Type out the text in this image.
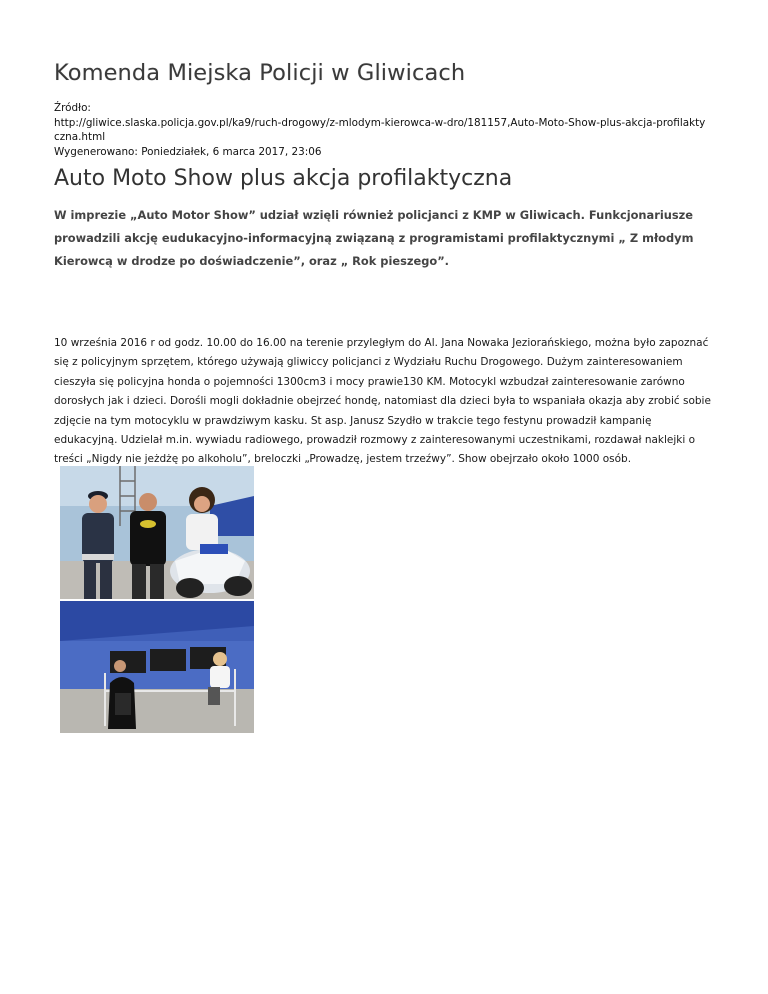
Komenda Miejska Policji w Gliwicach
Źródło:
http://gliwice.slaska.policja.gov.pl/ka9/ruch-drogowy/z-mlodym-kierowca-w-dro/181157,Auto-Moto-Show-plus-akcja-profilakty
czna.html
Wygenerowano: Poniedziałek, 6 marca 2017, 23:06
Auto Moto Show plus akcja profilaktyczna

W imprezie „Auto Motor Show” udział wzięli również policjanci z KMP w Gliwicach. Funkcjonariusze prowadzili akcję eudukacyjno-informacyjną związaną z programistami profilaktycznymi „ Z młodym Kierowcą w drodze po doświadczenie”, oraz „ Rok pieszego”.

10 września 2016 r od godz. 10.00 do 16.00 na terenie przyległym do Al. Jana Nowaka Jeziorańskiego, można było zapoznać się z policyjnym sprzętem, którego używają gliwiccy policjanci z Wydziału Ruchu Drogowego. Dużym zainteresowaniem cieszyła się policyjna honda o pojemności 1300cm3 i mocy prawie130 KM. Motocykl wzbudzał zainteresowanie zarówno dorosłych jak i dzieci. Dorośli mogli dokładnie obejrzeć hondę, natomiast dla dzieci była to wspaniała okazja aby zrobić sobie zdjęcie na tym motocyklu w prawdziwym kasku. St asp. Janusz Szydło w trakcie tego festynu prowadził kampanię edukacyjną. Udzielał m.in. wywiadu radiowego, prowadził rozmowy z zainteresowanymi uczestnikami, rozdawał naklejki o treści „Nigdy nie jeżdżę po alkoholu”, breloczki „Prowadzę, jestem trzeźwy”. Show obejrzało około 1000 osób.
